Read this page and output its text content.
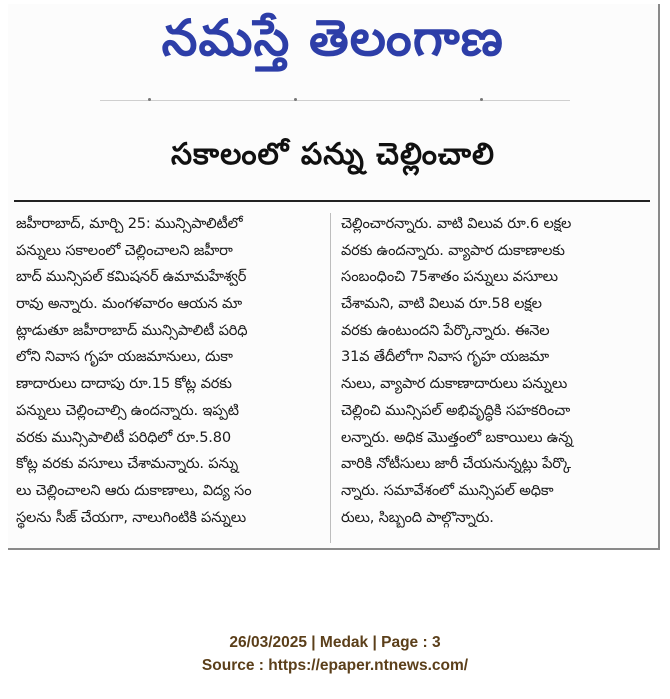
నమస్తే తెలంగాణ
సకాలంలో పన్ను చెల్లించాలి
జహీరాబాద్, మార్చి 25: మున్సిపాలిటీలో
పన్నులు సకాలంలో చెల్లించాలని జహీరా
బాద్ మున్సిపల్ కమిషనర్ ఉమామహేశ్వర్
రావు అన్నారు. మంగళవారం ఆయన మా
ట్లాడుతూ జహీరాబాద్ మున్సిపాలిటీ పరిధి
లోని నివాస గృహ యజమానులు, దుకా
ణాదారులు దాదాపు రూ.15 కోట్ల వరకు
పన్నులు చెల్లించాల్సి ఉందన్నారు. ఇప్పటి
వరకు మున్సిపాలిటీ పరిధిలో రూ.5.80
కోట్ల వరకు వసూలు చేశామన్నారు. పన్ను
లు చెల్లించాలని ఆరు దుకాణాలు, విద్య సం
స్థలను సీజ్ చేయగా, నాలుగింటికి పన్నులు
చెల్లించారన్నారు. వాటి విలువ రూ.6 లక్షల
వరకు ఉందన్నారు. వ్యాపార దుకాణాలకు
సంబంధించి 75శాతం పన్నులు వసూలు
చేశామని, వాటి విలువ రూ.58 లక్షల
వరకు ఉంటుందని పేర్కొన్నారు. ఈనెల
31వ తేదీలోగా నివాస గృహ యజమా
నులు, వ్యాపార దుకాణాదారులు పన్నులు
చెల్లించి మున్సిపల్ అభివృద్ధికి సహకరించా
లన్నారు. అధిక మొత్తంలో బకాయిలు ఉన్న
వారికి నోటీసులు జారీ చేయనున్నట్లు పేర్కొ
న్నారు. సమావేశంలో మున్సిపల్ అధికా
రులు, సిబ్బంది పాల్గొన్నారు.
26/03/2025 | Medak | Page : 3
Source : https://epaper.ntnews.com/
